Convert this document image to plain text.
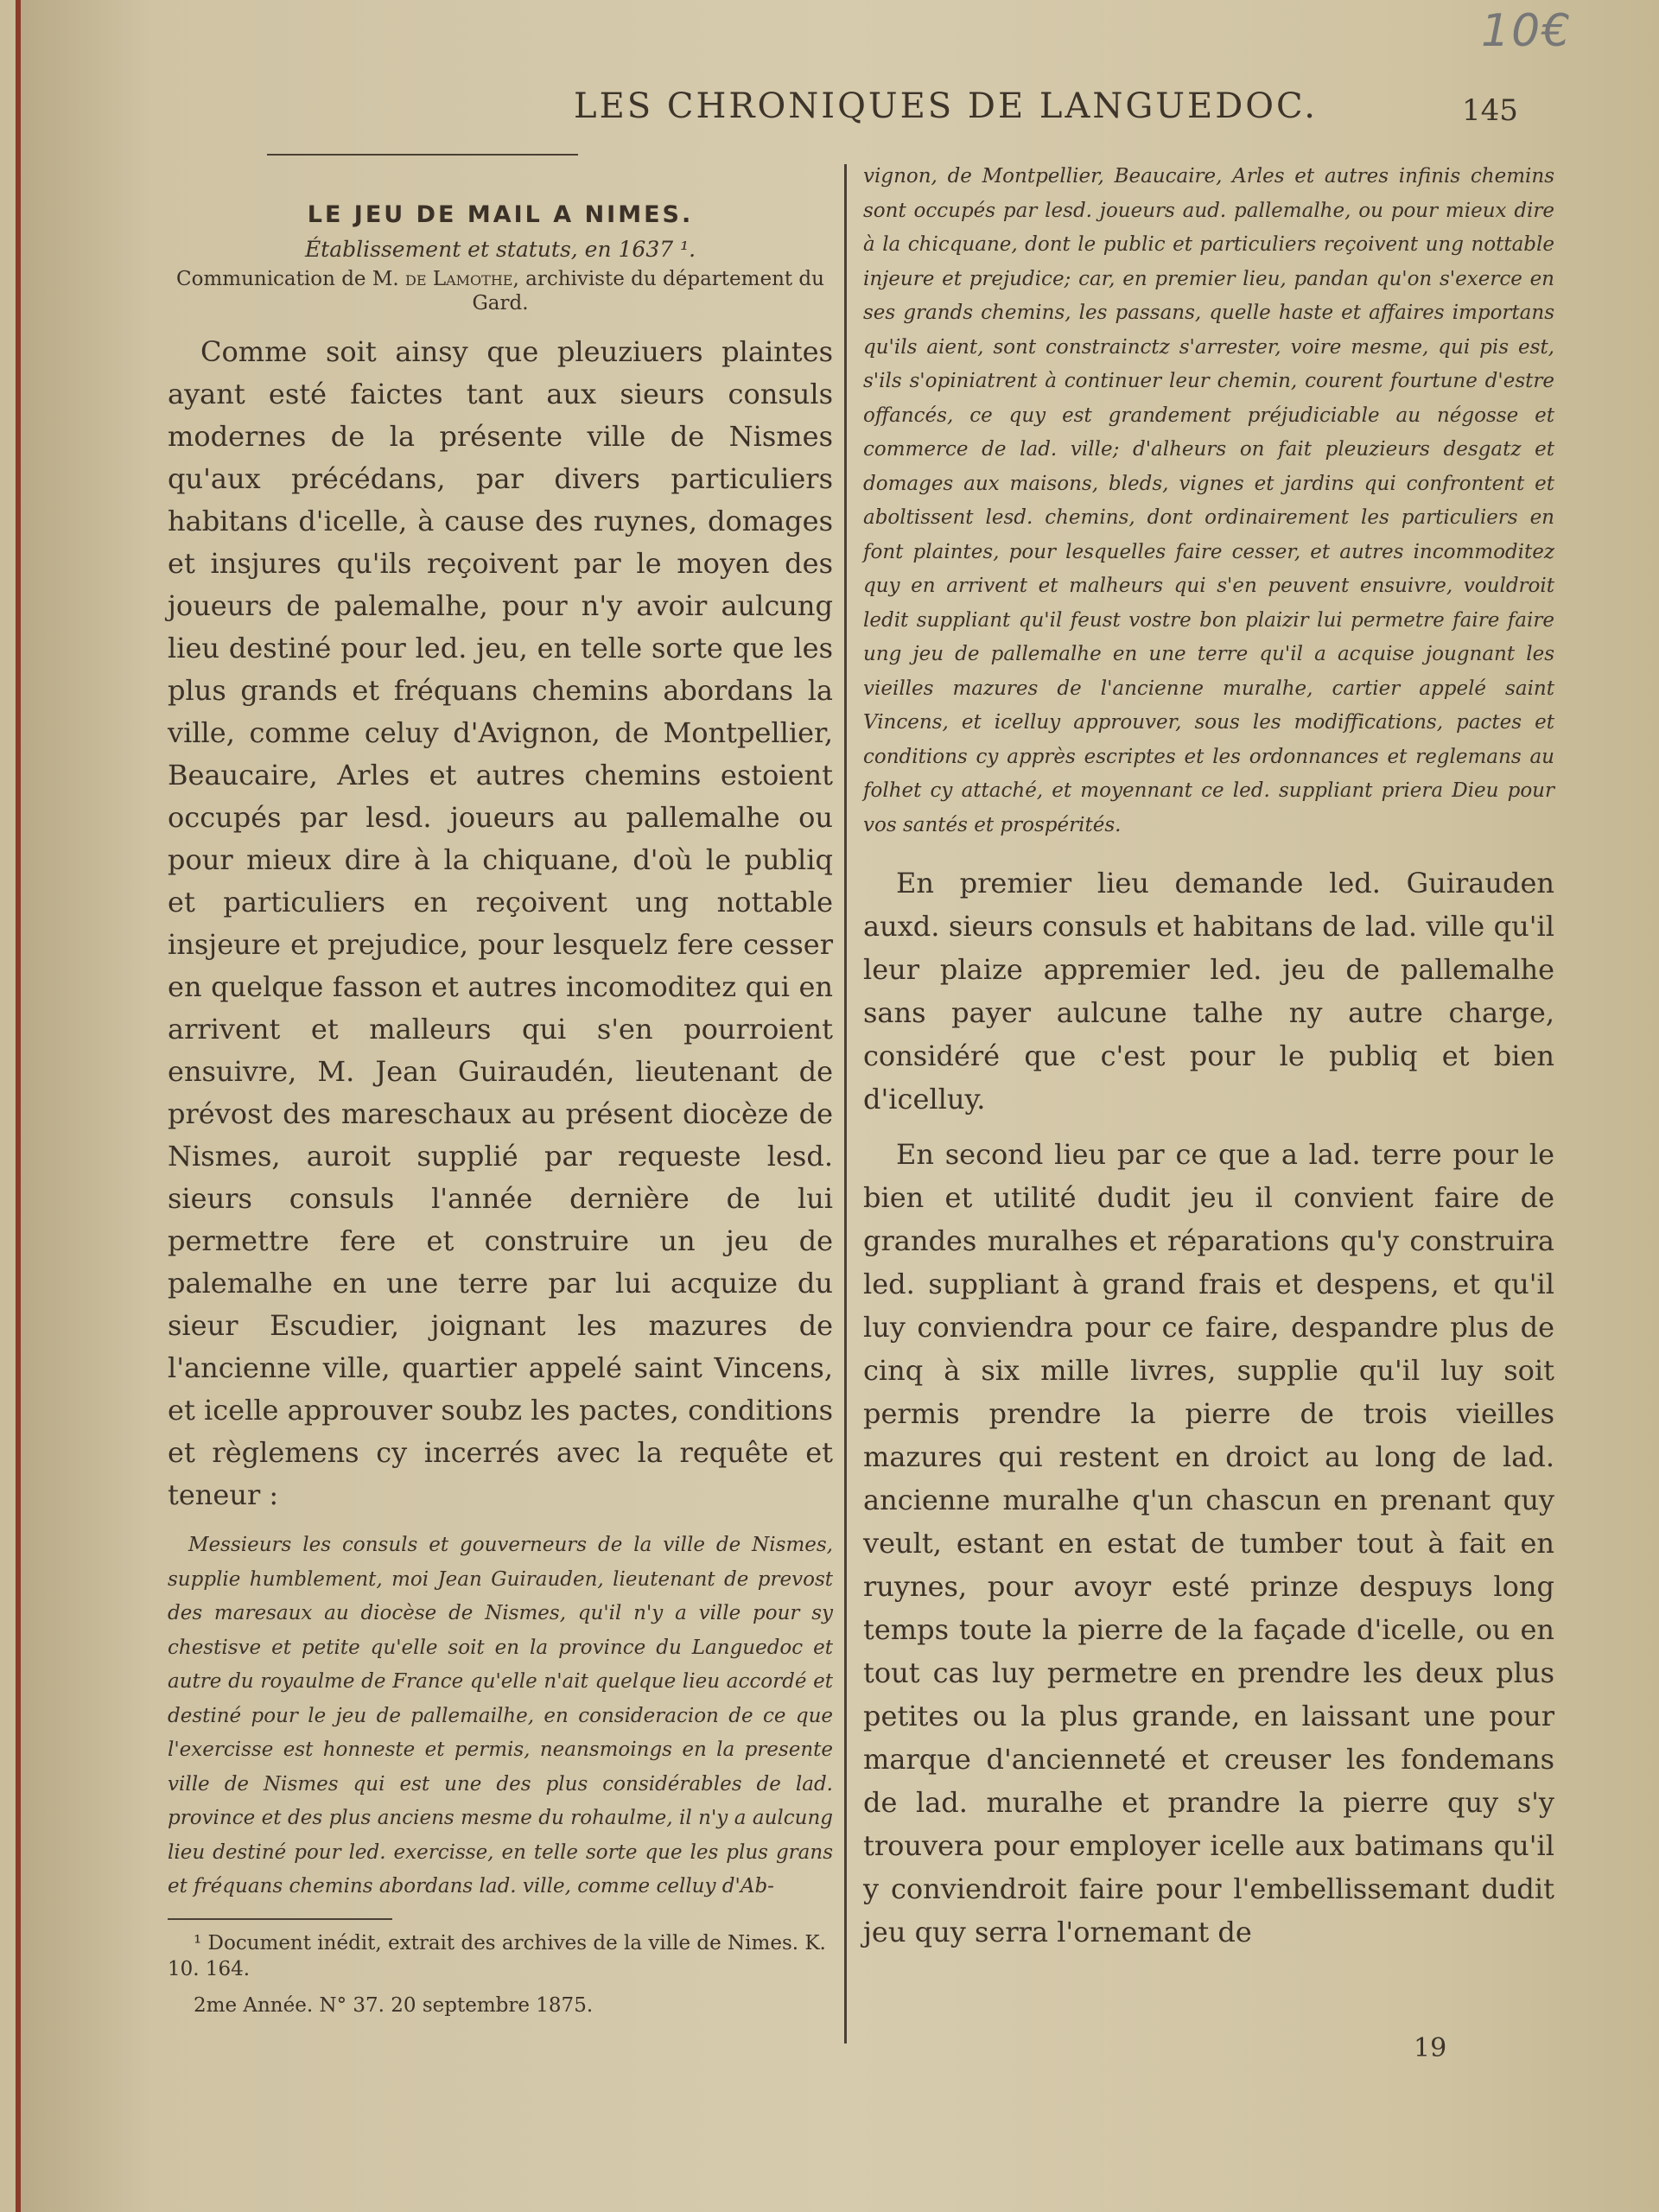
10€
LES CHRONIQUES DE LANGUEDOC.	145
LE JEU DE MAIL A NIMES.
Établissement et statuts, en 1637 ¹.
Communication de M. de Lamothe, archiviste du département du Gard.

Comme soit ainsy que pleuziuers plaintes ayant esté faictes tant aux sieurs consuls modernes de la présente ville de Nismes qu'aux précédans, par divers particuliers habitans d'icelle, à cause des ruynes, domages et insjures qu'ils reçoivent par le moyen des joueurs de palemalhe, pour n'y avoir aulcung lieu destiné pour led. jeu, en telle sorte que les plus grands et fréquans chemins abordans la ville, comme celuy d'Avignon, de Montpellier, Beaucaire, Arles et autres chemins estoient occupés par lesd. joueurs au pallemalhe ou pour mieux dire à la chiquane, d'où le publiq et particuliers en reçoivent ung nottable insjeure et prejudice, pour lesquelz fere cesser en quelque fasson et autres incomoditez qui en arrivent et malleurs qui s'en pourroient ensuivre, M. Jean Guiraudén, lieutenant de prévost des mareschaux au présent diocèze de Nismes, auroit supplié par requeste lesd. sieurs consuls l'année dernière de lui permettre fere et construire un jeu de palemalhe en une terre par lui acquize du sieur Escudier, joignant les mazures de l'ancienne ville, quartier appelé saint Vincens, et icelle approuver soubz les pactes, conditions et règlemens cy incerrés avec la requête et teneur :

Messieurs les consuls et gouverneurs de la ville de Nismes, supplie humblement, moi Jean Guirauden, lieutenant de prevost des maresaux au diocèse de Nismes, qu'il n'y a ville pour sy chestisve et petite qu'elle soit en la province du Languedoc et autre du royaulme de France qu'elle n'ait quelque lieu accordé et destiné pour le jeu de pallemailhe, en consideracion de ce que l'exercisse est honneste et permis, neansmoings en la presente ville de Nismes qui est une des plus considérables de lad. province et des plus anciens mesme du rohaulme, il n'y a aulcung lieu destiné pour led. exercisse, en telle sorte que les plus grans et fréquans chemins abordans lad. ville, comme celluy d'Ab-

¹ Document inédit, extrait des archives de la ville de Nimes. K. 10. 164.

2me Année. N° 37. 20 septembre 1875.

vignon, de Montpellier, Beaucaire, Arles et autres infinis chemins sont occupés par lesd. joueurs aud. pallemalhe, ou pour mieux dire à la chicquane, dont le public et particuliers reçoivent ung nottable injeure et prejudice; car, en premier lieu, pandan qu'on s'exerce en ses grands chemins, les passans, quelle haste et affaires importans qu'ils aient, sont constrainctz s'arrester, voire mesme, qui pis est, s'ils s'opiniatrent à continuer leur chemin, courent fourtune d'estre offancés, ce quy est grandement préjudiciable au négosse et commerce de lad. ville; d'alheurs on fait pleuzieurs desgatz et domages aux maisons, bleds, vignes et jardins qui confrontent et aboltissent lesd. chemins, dont ordinairement les particuliers en font plaintes, pour lesquelles faire cesser, et autres incommoditez quy en arrivent et malheurs qui s'en peuvent ensuivre, vouldroit ledit suppliant qu'il feust vostre bon plaizir lui permetre faire faire ung jeu de pallemalhe en une terre qu'il a acquise jougnant les vieilles mazures de l'ancienne muralhe, cartier appelé saint Vincens, et icelluy approuver, sous les modiffications, pactes et conditions cy apprès escriptes et les ordonnances et reglemans au folhet cy attaché, et moyennant ce led. suppliant priera Dieu pour vos santés et prospérités.

En premier lieu demande led. Guirauden auxd. sieurs consuls et habitans de lad. ville qu'il leur plaize appremier led. jeu de pallemalhe sans payer aulcune talhe ny autre charge, considéré que c'est pour le publiq et bien d'icelluy.

En second lieu par ce que a lad. terre pour le bien et utilité dudit jeu il convient faire de grandes muralhes et réparations qu'y construira led. suppliant à grand frais et despens, et qu'il luy conviendra pour ce faire, despandre plus de cinq à six mille livres, supplie qu'il luy soit permis prendre la pierre de trois vieilles mazures qui restent en droict au long de lad. ancienne muralhe q'un chascun en prenant quy veult, estant en estat de tumber tout à fait en ruynes, pour avoyr esté prinze despuys long temps toute la pierre de la façade d'icelle, ou en tout cas luy permetre en prendre les deux plus petites ou la plus grande, en laissant une pour marque d'ancienneté et creuser les fondemans de lad. muralhe et prandre la pierre quy s'y trouvera pour employer icelle aux batimans qu'il y conviendroit faire pour l'embellissemant dudit jeu quy serra l'ornemant de

19
